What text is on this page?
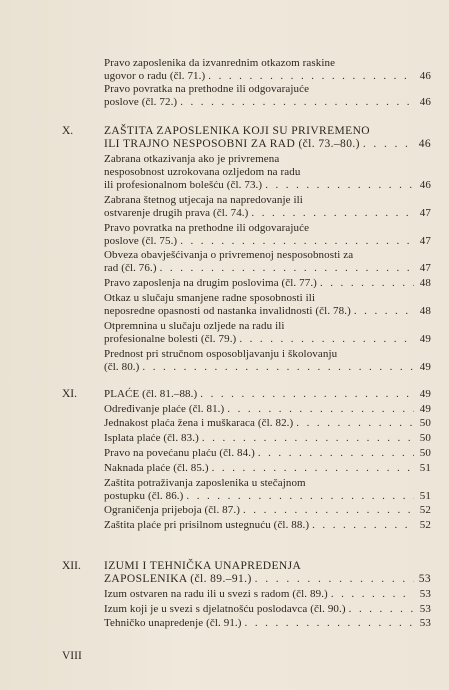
Pravo zaposlenika da izvanrednim otkazom raskine
ugovor o radu (čl. 71.) . . .	46
Pravo povratka na prethodne ili odgovarajuće
poslove (čl. 72.) . . .	46
X.	ZAŠTITA ZAPOSLENIKA KOJI SU PRIVREMENO
ILI TRAJNO NESPOSOBNI ZA RAD (čl. 73.–80.) . . .	46
Zabrana otkazivanja ako je privremena
nesposobnost uzrokovana ozljedom na radu
ili profesionalnom bolešću (čl. 73.) . . .	46
Zabrana štetnog utjecaja na napredovanje ili
ostvarenje drugih prava (čl. 74.) . . .	47
Pravo povratka na prethodne ili odgovarajuće
poslove (čl. 75.) . . .	47
Obveza obavješćivanja o privremenoj nesposobnosti za
rad (čl. 76.) . . .	47
Pravo zaposlenja na drugim poslovima (čl. 77.) . . .	48
Otkaz u slučaju smanjene radne sposobnosti ili
neposredne opasnosti od nastanka invalidnosti (čl. 78.) . . .	48
Otpremnina u slučaju ozljede na radu ili
profesionalne bolesti (čl. 79.) . . .	49
Prednost pri stručnom osposobljavanju i školovanju
(čl. 80.) . . .	49
XI. PLAĆE (čl. 81.–88.) . . .	49
Određivanje plaće (čl. 81.) . . .	49
Jednakost plaća žena i muškaraca (čl. 82.) . . .	50
Isplata plaće (čl. 83.) . . .	50
Pravo na povećanu plaću (čl. 84.) . . .	50
Naknada plaće (čl. 85.) . . .	51
Zaštita potraživanja zaposlenika u stečajnom
postupku (čl. 86.) . . .	51
Ograničenja prijeboja (čl. 87.) . . .	52
Zaštita plaće pri prisilnom ustegnuću (čl. 88.) . . .	52
XII. IZUMI I TEHNIČKA UNAPREDENJA
ZAPOSLENIKA (čl. 89.–91.) . . .	53
Izum ostvaren na radu ili u svezi s radom (čl. 89.) . . .	53
Izum koji je u svezi s djelatnošću poslodavca (čl. 90.) . . .	53
Tehničko unapredenje (čl. 91.) . . .	53
VIII
